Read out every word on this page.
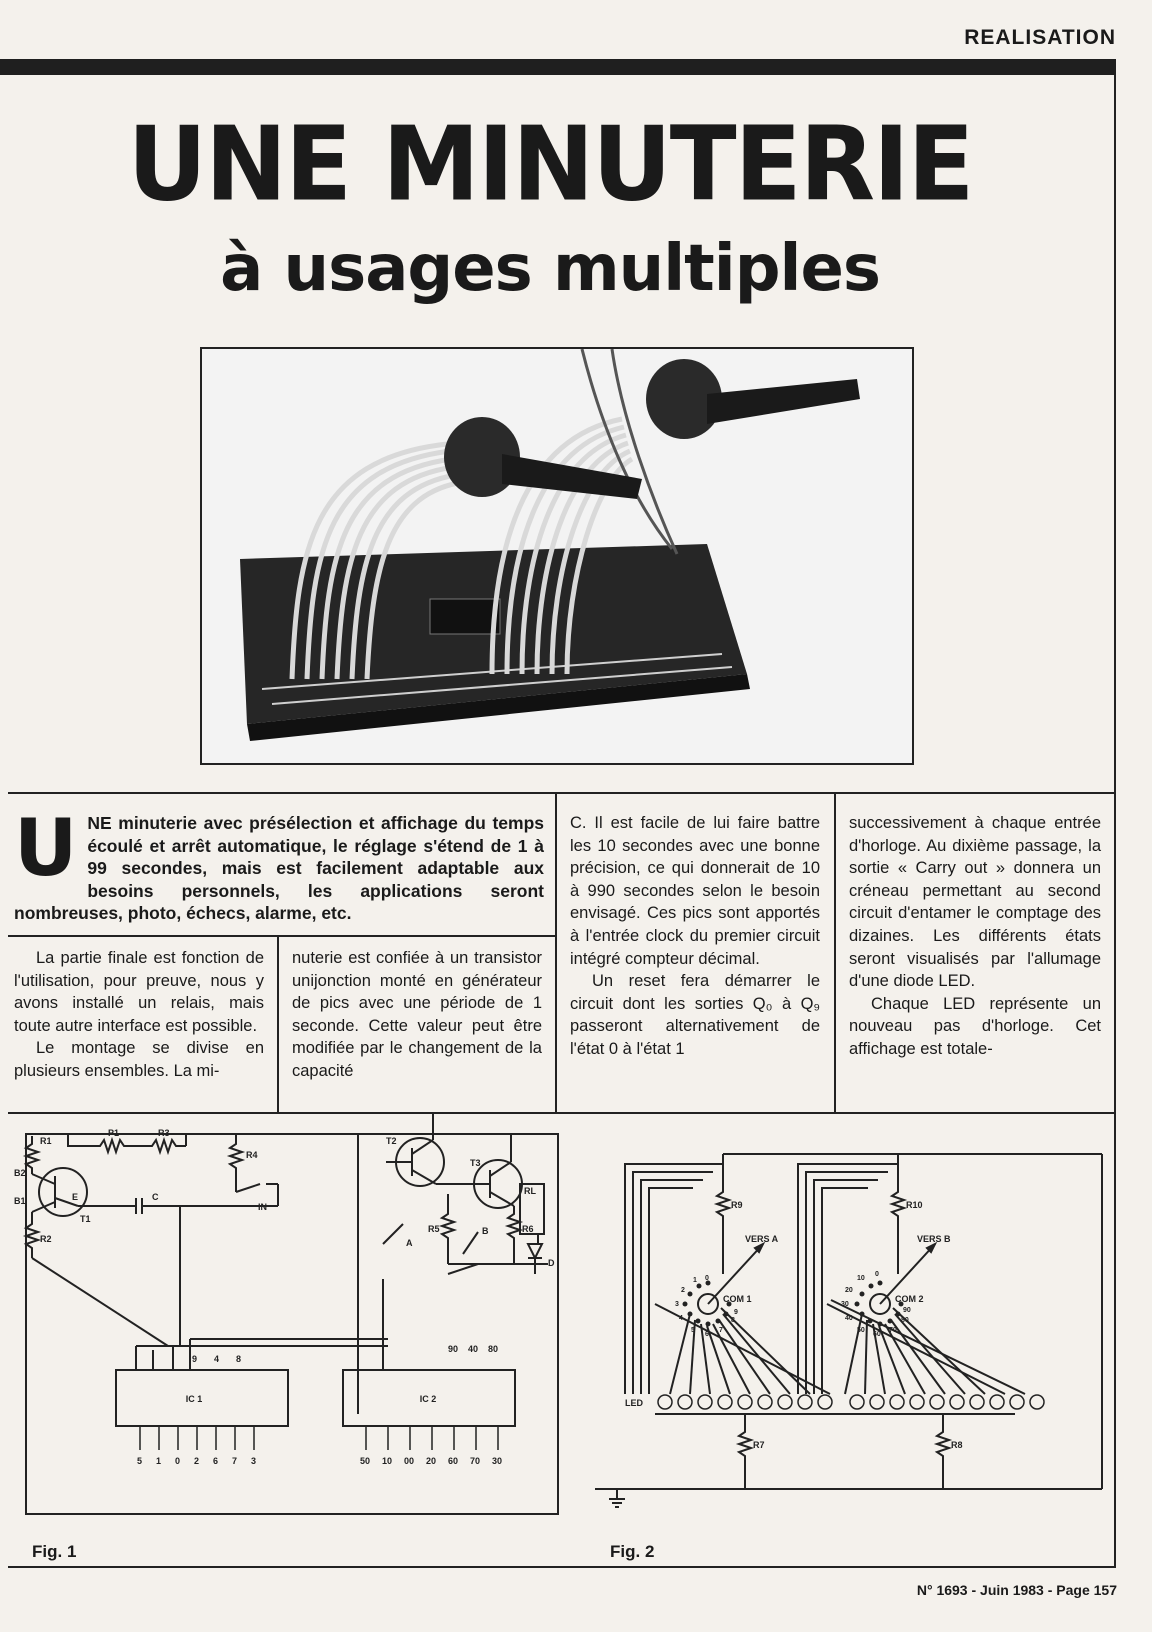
REALISATION
UNE MINUTERIE
à usages multiples
U NE minuterie avec présélection et affichage du temps écoulé et arrêt automatique, le réglage s'étend de 1 à 99 secondes, mais est facilement adaptable aux besoins personnels, les applications seront nombreuses, photo, échecs, alarme, etc.

La partie finale est fonction de l'utilisation, pour preuve, nous y avons installé un relais, mais toute autre interface est possible.

Le montage se divise en plusieurs ensembles. La mi-

nuterie est confiée à un transistor unijonction monté en générateur de pics avec une période de 1 seconde. Cette valeur peut être modifiée par le changement de la capacité

C. Il est facile de lui faire battre les 10 secondes avec une bonne précision, ce qui donnerait de 10 à 990 secondes selon le besoin envisagé. Ces pics sont apportés à l'entrée clock du premier circuit intégré compteur décimal.

Un reset fera démarrer le circuit dont les sorties Q₀ à Q₉ passeront alternativement de l'état 0 à l'état 1

successivement à chaque entrée d'horloge. Au dixième passage, la sortie « Carry out » donnera un créneau permettant au second circuit d'entamer le comptage des dizaines. Les différents états seront visualisés par l'allumage d'une diode LED.

Chaque LED représente un nouveau pas d'horloge. Cet affichage est totale-

R1
P1	R3
R4
B2
B1	E
T1
C
IN
R2
T2
T3
A
R5	B
RL
R6
D
9 4 8
IC 1	IC 2
90 40 80
5 1 0 2 6 7 3	50 10 00 20 60 70 30
Fig. 1
R9	R10
VERS A	VERS B
COM 1	COM 2
LED
R7	R8
0
1
2
3
4
5
6
7
8
9
10
0
20
30
40
50
60
70
80
90
Fig. 2
N° 1693 - Juin 1983 - Page 157
